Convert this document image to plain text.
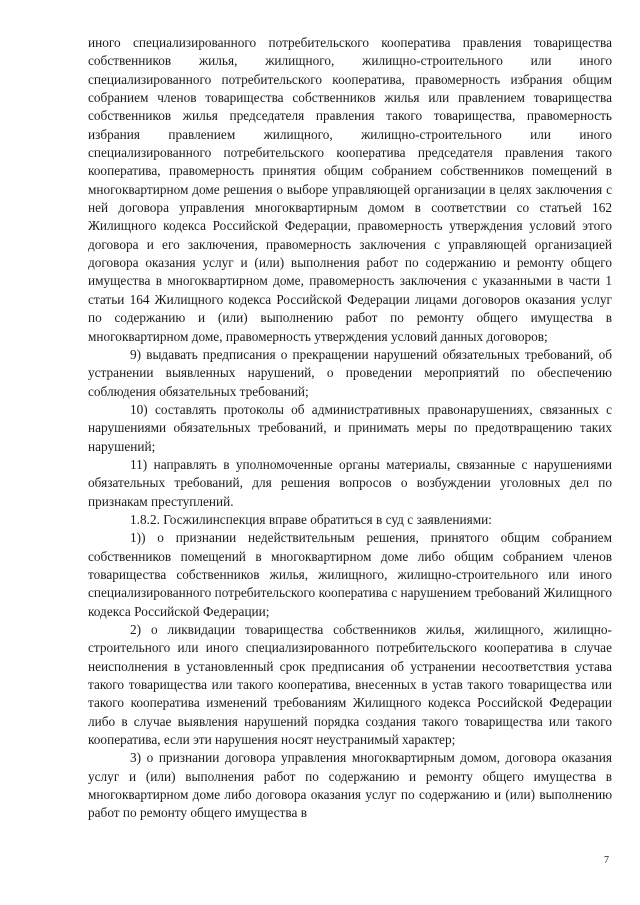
иного специализированного потребительского кооператива правления товарищества собственников жилья, жилищного, жилищно-строительного или иного специализированного потребительского кооператива, правомерность избрания общим собранием членов товарищества собственников жилья или правлением товарищества собственников жилья председателя правления такого товарищества, правомерность избрания правлением жилищного, жилищно-строительного или иного специализированного потребительского кооператива председателя правления такого кооператива, правомерность принятия общим собранием собственников помещений в многоквартирном доме решения о выборе управляющей организации в целях заключения с ней договора управления многоквартирным домом в соответствии со статьей 162 Жилищного кодекса Российской Федерации, правомерность утверждения условий этого договора и его заключения, правомерность заключения с управляющей организацией договора оказания услуг и (или) выполнения работ по содержанию и ремонту общего имущества в многоквартирном доме, правомерность заключения с указанными в части 1 статьи 164 Жилищного кодекса Российской Федерации лицами договоров оказания услуг по содержанию и (или) выполнению работ по ремонту общего имущества в многоквартирном доме, правомерность утверждения условий данных договоров;

9) выдавать предписания о прекращении нарушений обязательных требований, об устранении выявленных нарушений, о проведении мероприятий по обеспечению соблюдения обязательных требований;

10) составлять протоколы об административных правонарушениях, связанных с нарушениями обязательных требований, и принимать меры по предотвращению таких нарушений;

11) направлять в уполномоченные органы материалы, связанные с нарушениями обязательных требований, для решения вопросов о возбуждении уголовных дел по признакам преступлений.

1.8.2. Госжилинспекция вправе обратиться в суд с заявлениями:

1)) о признании недействительным решения, принятого общим собранием собственников помещений в многоквартирном доме либо общим собранием членов товарищества собственников жилья, жилищного, жилищно-строительного или иного специализированного потребительского кооператива с нарушением требований Жилищного кодекса Российской Федерации;

2) о ликвидации товарищества собственников жилья, жилищного, жилищно-строительного или иного специализированного потребительского кооператива в случае неисполнения в установленный срок предписания об устранении несоответствия устава такого товарищества или такого кооператива, внесенных в устав такого товарищества или такого кооператива изменений требованиям Жилищного кодекса Российской Федерации либо в случае выявления нарушений порядка создания такого товарищества или такого кооператива, если эти нарушения носят неустранимый характер;

3) о признании договора управления многоквартирным домом, договора оказания услуг и (или) выполнения работ по содержанию и ремонту общего имущества в многоквартирном доме либо договора оказания услуг по содержанию и (или) выполнению работ по ремонту общего имущества в

7
